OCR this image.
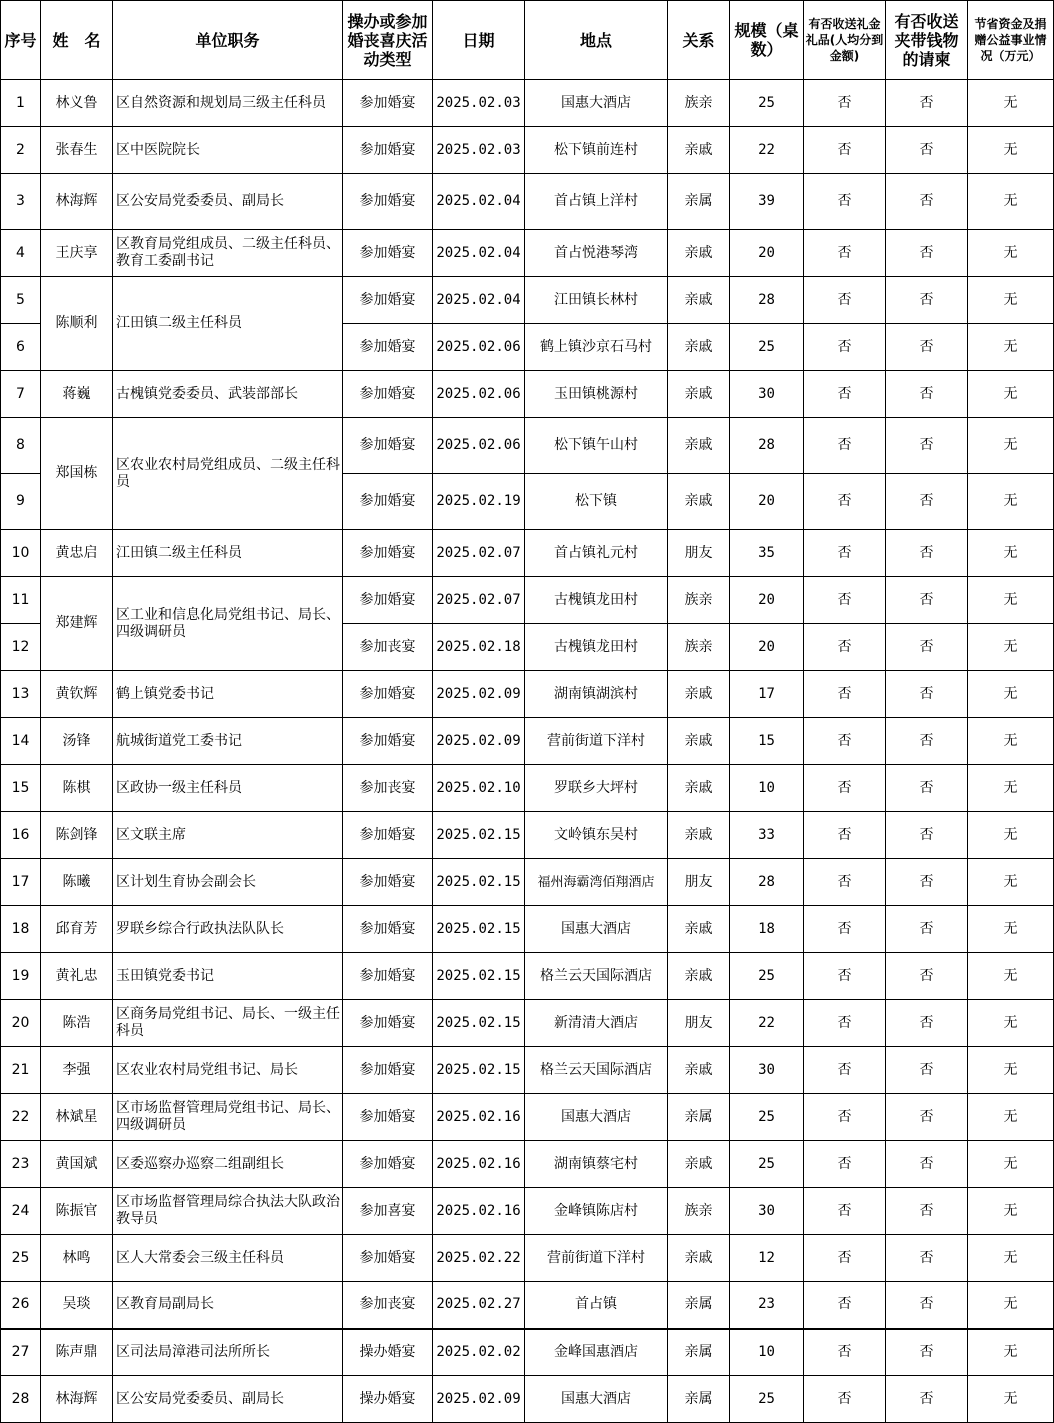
序号	姓　名	单位职务	操办或参加婚丧喜庆活动类型	日期	地点	关系	规模（桌数）	有否收送礼金礼品(人均分到金额)	有否收送夹带钱物的请柬	节省资金及捐赠公益事业情况（万元）
1	林义鲁	区自然资源和规划局三级主任科员	参加婚宴	2025.02.03	国惠大酒店	族亲	25	否	否	无
2	张春生	区中医院院长	参加婚宴	2025.02.03	松下镇前连村	亲戚	22	否	否	无
3	林海辉	区公安局党委委员、副局长	参加婚宴	2025.02.04	首占镇上洋村	亲属	39	否	否	无
4	王庆享	区教育局党组成员、二级主任科员、教育工委副书记	参加婚宴	2025.02.04	首占悦港琴湾	亲戚	20	否	否	无
5	陈顺利	江田镇二级主任科员	参加婚宴	2025.02.04	江田镇长林村	亲戚	28	否	否	无
6			参加婚宴	2025.02.06	鹤上镇沙京石马村	亲戚	25	否	否	无
7	蒋巍	古槐镇党委委员、武装部部长	参加婚宴	2025.02.06	玉田镇桃源村	亲戚	30	否	否	无
8	郑国栋	区农业农村局党组成员、二级主任科员	参加婚宴	2025.02.06	松下镇午山村	亲戚	28	否	否	无
9			参加婚宴	2025.02.19	松下镇	亲戚	20	否	否	无
10	黄忠启	江田镇二级主任科员	参加婚宴	2025.02.07	首占镇礼元村	朋友	35	否	否	无
11	郑建辉	区工业和信息化局党组书记、局长、四级调研员	参加婚宴	2025.02.07	古槐镇龙田村	族亲	20	否	否	无
12			参加丧宴	2025.02.18	古槐镇龙田村	族亲	20	否	否	无
13	黄钦辉	鹤上镇党委书记	参加婚宴	2025.02.09	湖南镇湖滨村	亲戚	17	否	否	无
14	汤锋	航城街道党工委书记	参加婚宴	2025.02.09	营前街道下洋村	亲戚	15	否	否	无
15	陈棋	区政协一级主任科员	参加丧宴	2025.02.10	罗联乡大坪村	亲戚	10	否	否	无
16	陈剑锋	区文联主席	参加婚宴	2025.02.15	文岭镇东吴村	亲戚	33	否	否	无
17	陈曦	区计划生育协会副会长	参加婚宴	2025.02.15	福州海霸湾佰翔酒店	朋友	28	否	否	无
18	邱育芳	罗联乡综合行政执法队队长	参加婚宴	2025.02.15	国惠大酒店	亲戚	18	否	否	无
19	黄礼忠	玉田镇党委书记	参加婚宴	2025.02.15	格兰云天国际酒店	亲戚	25	否	否	无
20	陈浩	区商务局党组书记、局长、一级主任科员	参加婚宴	2025.02.15	新清清大酒店	朋友	22	否	否	无
21	李强	区农业农村局党组书记、局长	参加婚宴	2025.02.15	格兰云天国际酒店	亲戚	30	否	否	无
22	林斌星	区市场监督管理局党组书记、局长、四级调研员	参加婚宴	2025.02.16	国惠大酒店	亲属	25	否	否	无
23	黄国斌	区委巡察办巡察二组副组长	参加婚宴	2025.02.16	湖南镇蔡宅村	亲戚	25	否	否	无
24	陈振官	区市场监督管理局综合执法大队政治教导员	参加喜宴	2025.02.16	金峰镇陈店村	族亲	30	否	否	无
25	林鸣	区人大常委会三级主任科员	参加婚宴	2025.02.22	营前街道下洋村	亲戚	12	否	否	无
26	吴琰	区教育局副局长	参加丧宴	2025.02.27	首占镇	亲属	23	否	否	无
27	陈声鼎	区司法局漳港司法所所长	操办婚宴	2025.02.02	金峰国惠酒店	亲属	10	否	否	无
28	林海辉	区公安局党委委员、副局长	操办婚宴	2025.02.09	国惠大酒店	亲属	25	否	否	无
